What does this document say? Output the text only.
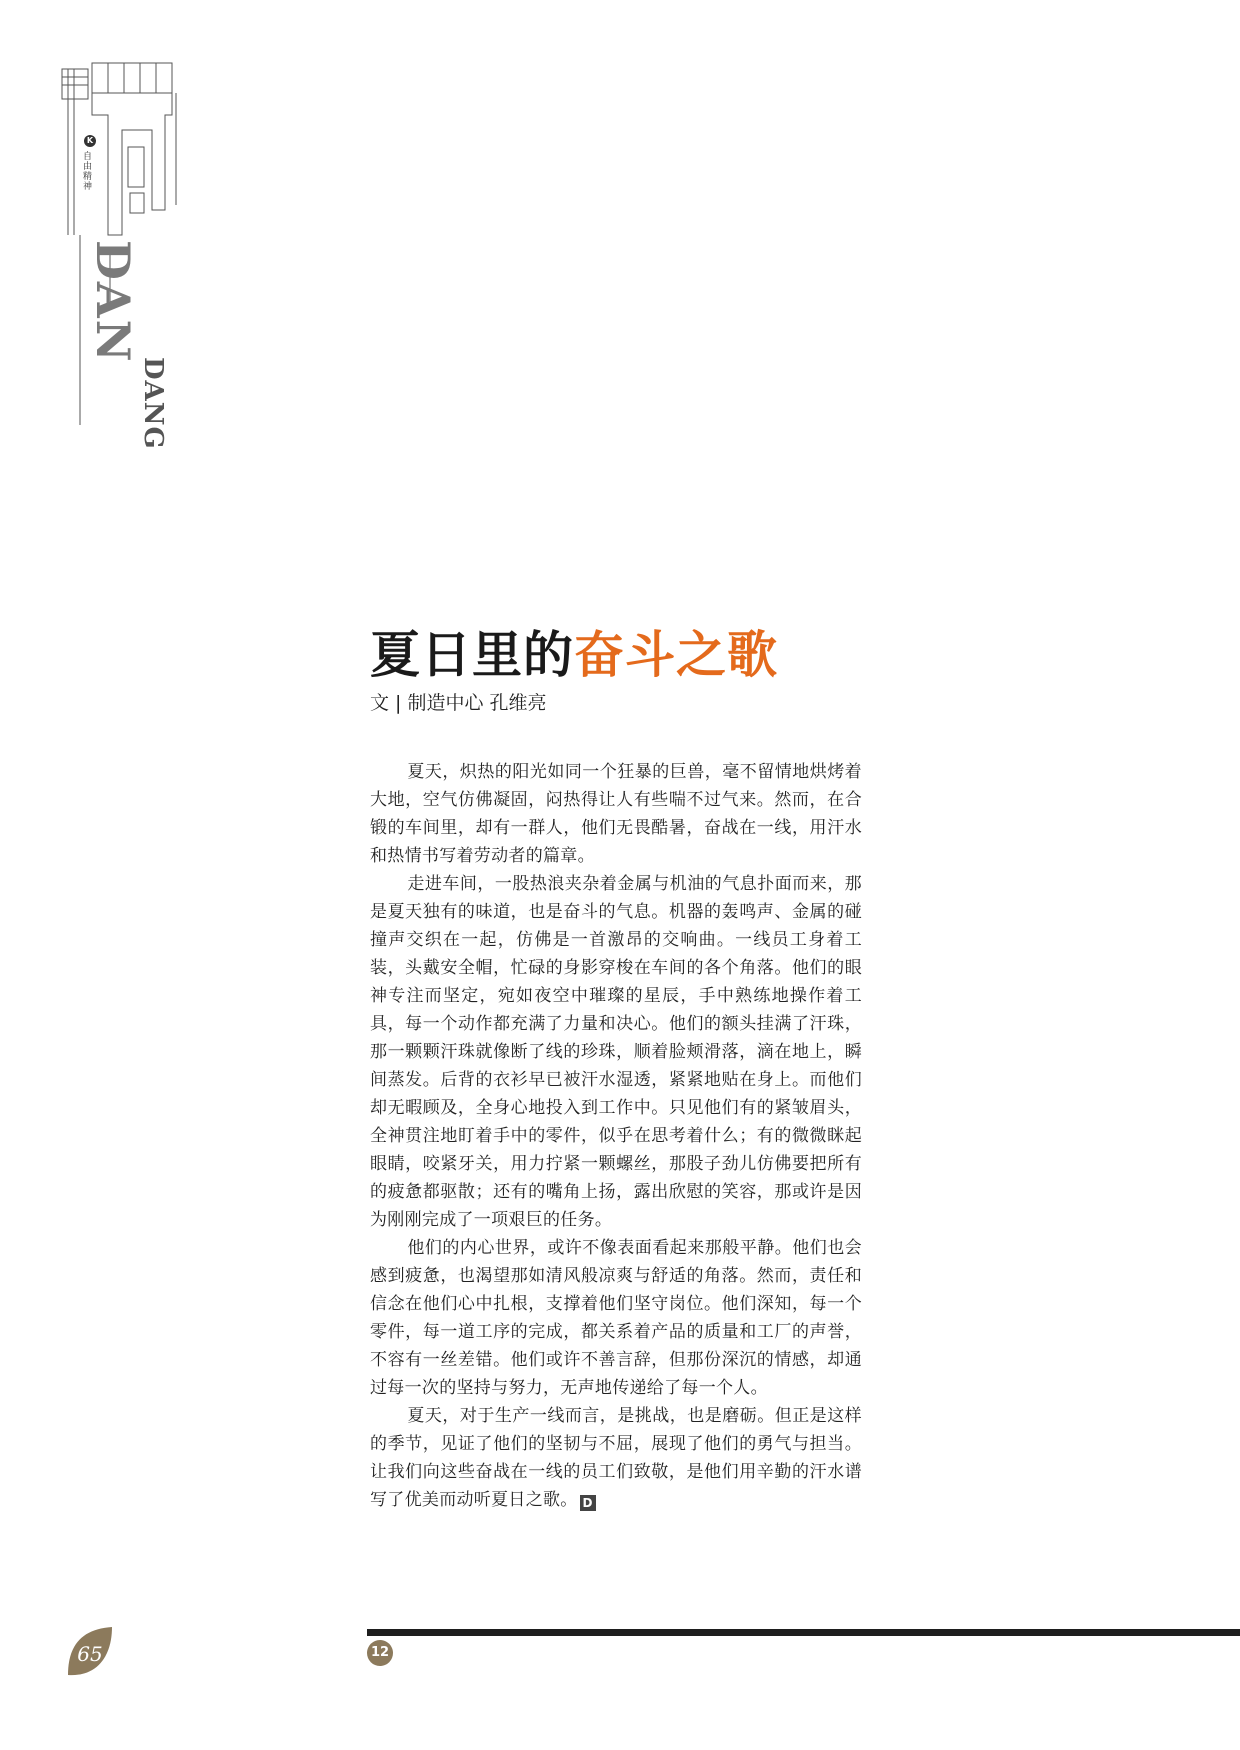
K
自由精神
DAN
DANG
夏日里的奋斗之歌
文 | 制造中心 孔维亮

夏天，炽热的阳光如同一个狂暴的巨兽，毫不留情地烘烤着大地，空气仿佛凝固，闷热得让人有些喘不过气来。然而，在合锻的车间里，却有一群人，他们无畏酷暑，奋战在一线，用汗水和热情书写着劳动者的篇章。

走进车间，一股热浪夹杂着金属与机油的气息扑面而来，那是夏天独有的味道，也是奋斗的气息。机器的轰鸣声、金属的碰撞声交织在一起，仿佛是一首激昂的交响曲。一线员工身着工装，头戴安全帽，忙碌的身影穿梭在车间的各个角落。他们的眼神专注而坚定，宛如夜空中璀璨的星辰，手中熟练地操作着工具，每一个动作都充满了力量和决心。他们的额头挂满了汗珠，那一颗颗汗珠就像断了线的珍珠，顺着脸颊滑落，滴在地上，瞬间蒸发。后背的衣衫早已被汗水湿透，紧紧地贴在身上。而他们却无暇顾及，全身心地投入到工作中。只见他们有的紧皱眉头，全神贯注地盯着手中的零件，似乎在思考着什么；有的微微眯起眼睛，咬紧牙关，用力拧紧一颗螺丝，那股子劲儿仿佛要把所有的疲惫都驱散；还有的嘴角上扬，露出欣慰的笑容，那或许是因为刚刚完成了一项艰巨的任务。

他们的内心世界，或许不像表面看起来那般平静。他们也会感到疲惫，也渴望那如清风般凉爽与舒适的角落。然而，责任和信念在他们心中扎根，支撑着他们坚守岗位。他们深知，每一个零件，每一道工序的完成，都关系着产品的质量和工厂的声誉，不容有一丝差错。他们或许不善言辞，但那份深沉的情感，却通过每一次的坚持与努力，无声地传递给了每一个人。

夏天，对于生产一线而言，是挑战，也是磨砺。但正是这样的季节，见证了他们的坚韧与不屈，展现了他们的勇气与担当。让我们向这些奋战在一线的员工们致敬，是他们用辛勤的汗水谱写了优美而动听夏日之歌。 D

65	12
